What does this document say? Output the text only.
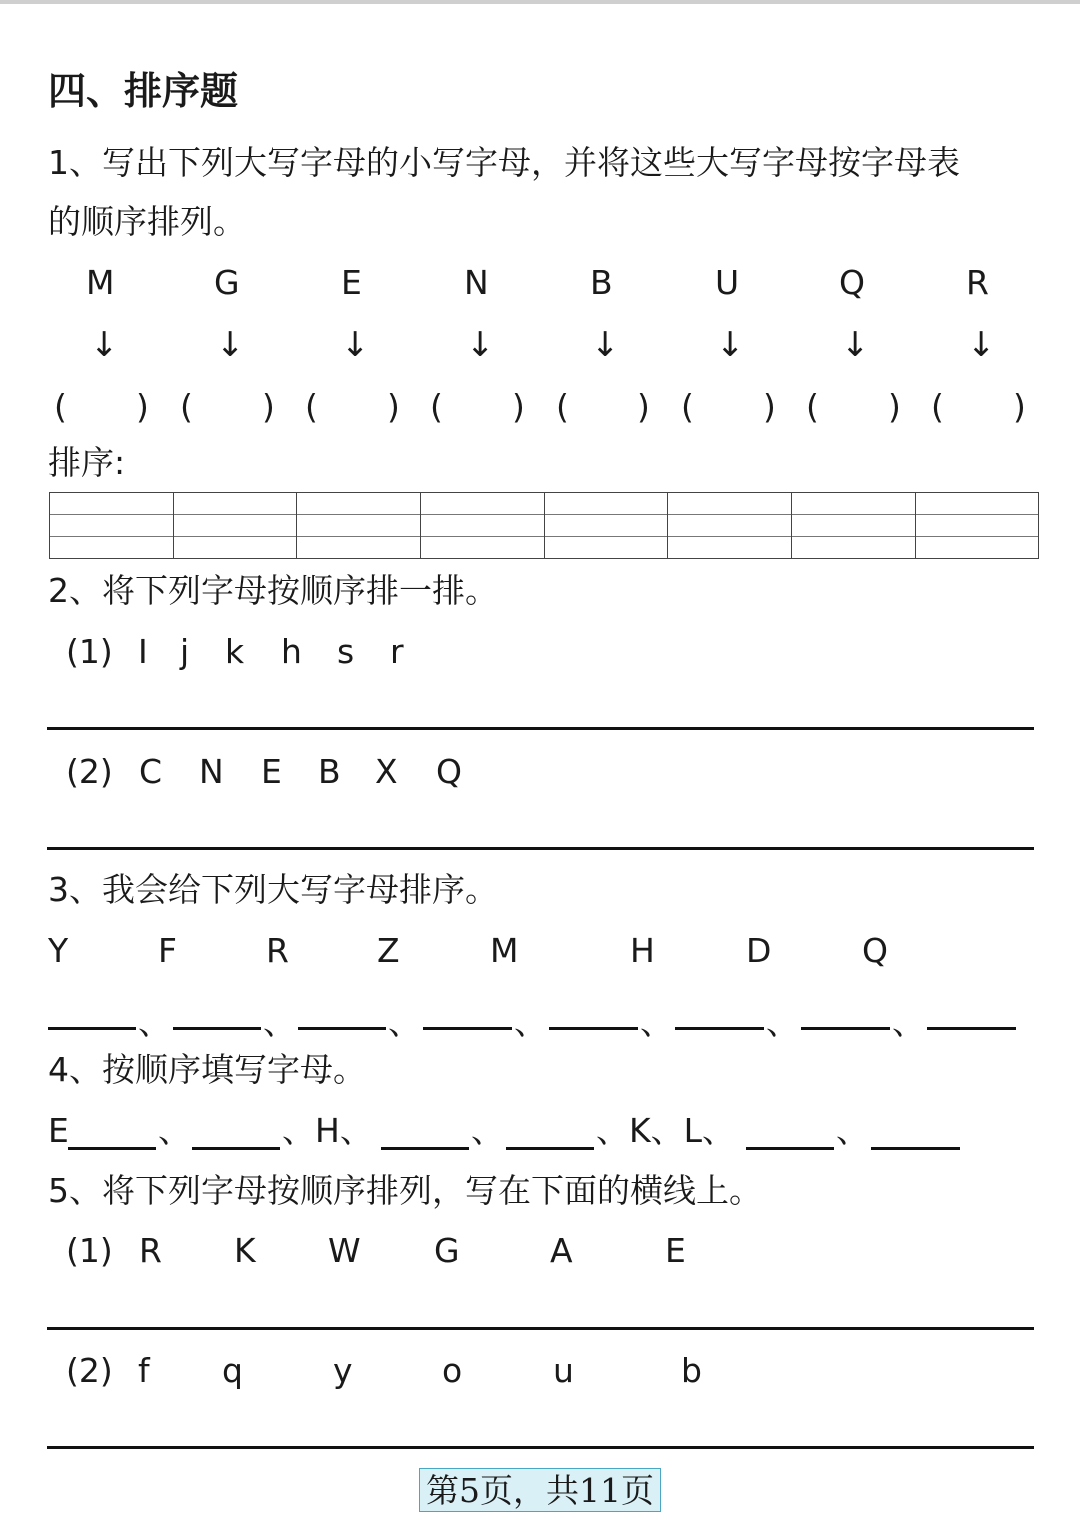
四、排序题
1、写出下列大写字母的小写字母，并将这些大写字母按字母表
的顺序排列。
M	G	E	N	B	U	Q	R
↓	↓	↓	↓	↓	↓	↓	↓
( ) ( ) ( ) ( ) ( ) ( ) ( ) ( )
排序:
2、将下列字母按顺序排一排。
(1) I j k h s r
(2) C N E B X Q
3、我会给下列大写字母排序。
Y	F	R	Z	M	H	D	Q
、	、	、	、	、	、	、
4、按顺序填写字母。
E	、	、H、	、	、K、L、	、
5、将下列字母按顺序排列，写在下面的横线上。
(1) R K W G	A	E
(2) f q	y	o	u	b
第5页，共11页
